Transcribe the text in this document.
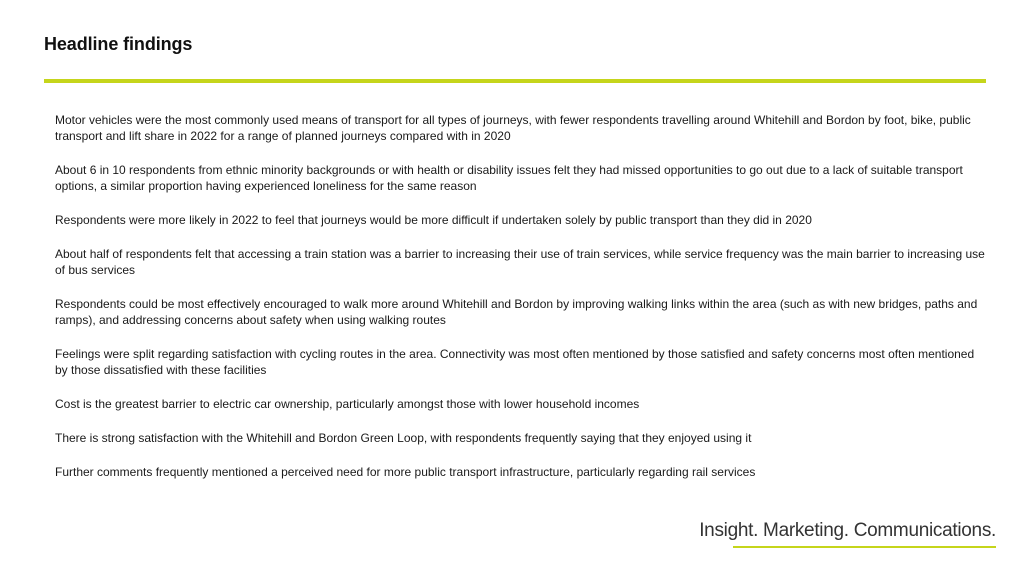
Headline findings

Motor vehicles were the most commonly used means of transport for all types of journeys, with fewer respondents travelling around Whitehill and Bordon by foot, bike, public transport and lift share in 2022 for a range of planned journeys compared with in 2020

About 6 in 10 respondents from ethnic minority backgrounds or with health or disability issues felt they had missed opportunities to go out due to a lack of suitable transport options, a similar proportion having experienced loneliness for the same reason

Respondents were more likely in 2022 to feel that journeys would be more difficult if undertaken solely by public transport than they did in 2020

About half of respondents felt that accessing a train station was a barrier to increasing their use of train services, while service frequency was the main barrier to increasing use of bus services

Respondents could be most effectively encouraged to walk more around Whitehill and Bordon by improving walking links within the area (such as with new bridges, paths and ramps), and addressing concerns about safety when using walking routes

Feelings were split regarding satisfaction with cycling routes in the area. Connectivity was most often mentioned by those satisfied and safety concerns most often mentioned by those dissatisfied with these facilities

Cost is the greatest barrier to electric car ownership, particularly amongst those with lower household incomes

There is strong satisfaction with the Whitehill and Bordon Green Loop, with respondents frequently saying that they enjoyed using it

Further comments frequently mentioned a perceived need for more public transport infrastructure, particularly regarding rail services

Insight. Marketing. Communications.
